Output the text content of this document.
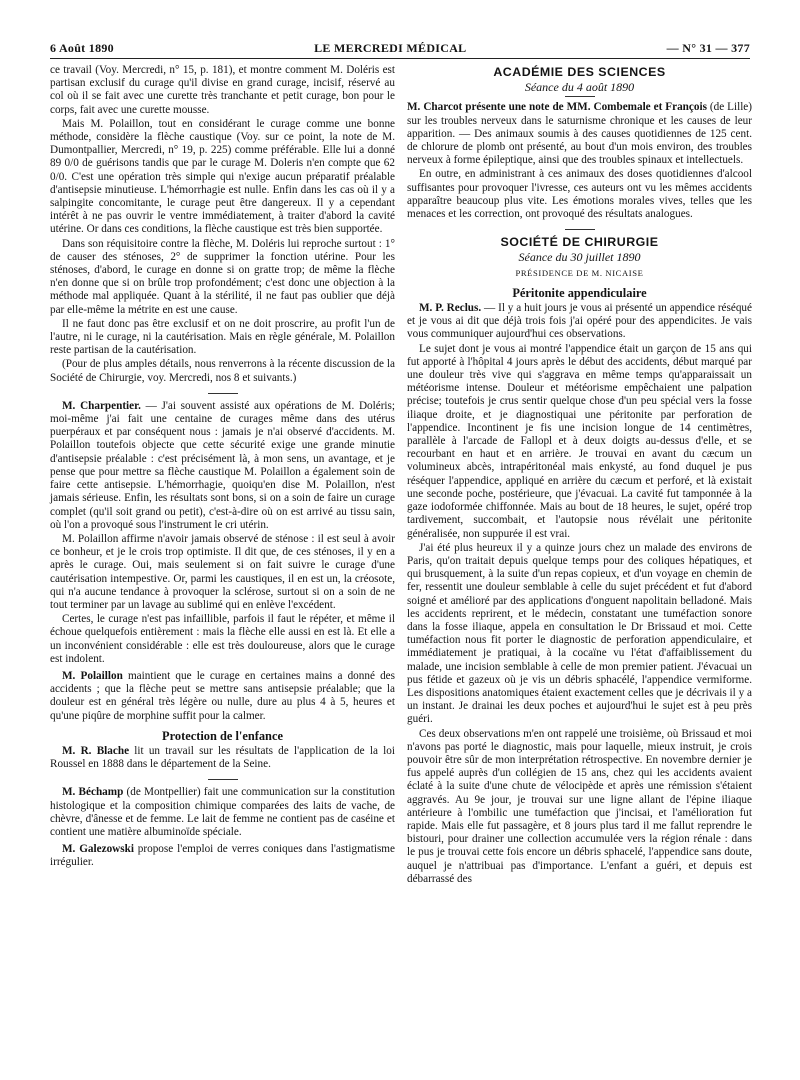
6 Août 1890	LE MERCREDI MÉDICAL	— N° 31 — 377

ce travail (Voy. Mercredi, n° 15, p. 181), et montre comment M. Doléris est partisan exclusif du curage qu'il divise en grand curage, incisif, réservé au col où il se fait avec une curette très tranchante et petit curage, bon pour le corps, fait avec une curette mousse.

Mais M. Polaillon, tout en considérant le curage comme une bonne méthode, considère la flèche caustique (Voy. sur ce point, la note de M. Dumontpallier, Mercredi, n° 19, p. 225) comme préférable. Elle lui a donné 89 0/0 de guérisons tandis que par le curage M. Doleris n'en compte que 62 0/0. C'est une opération très simple qui n'exige aucun préparatif préalable d'antisepsie minutieuse. L'hémorrhagie est nulle. Enfin dans les cas où il y a salpingite concomitante, le curage peut être dangereux. Il y a cependant intérêt à ne pas ouvrir le ventre immédiatement, à traiter d'abord la cavité utérine. Or dans ces conditions, la flèche caustique est très bien supportée.

Dans son réquisitoire contre la flèche, M. Doléris lui reproche surtout : 1° de causer des sténoses, 2° de supprimer la fonction utérine. Pour les sténoses, d'abord, le curage en donne si on gratte trop; de même la flèche n'en donne que si on brûle trop profondément; c'est donc une objection à la méthode mal appliquée. Quant à la stérilité, il ne faut pas oublier que déjà par elle-même la métrite en est une cause.

Il ne faut donc pas être exclusif et on ne doit proscrire, au profit l'un de l'autre, ni le curage, ni la cautérisation. Mais en règle générale, M. Polaillon reste partisan de la cautérisation.

(Pour de plus amples détails, nous renverrons à la récente discussion de la Société de Chirurgie, voy. Mercredi, nos 8 et suivants.)

M. Charpentier. — J'ai souvent assisté aux opérations de M. Doléris; moi-même j'ai fait une centaine de curages même dans des utérus puerpéraux et par conséquent nous : jamais je n'ai observé d'accidents. M. Polaillon toutefois objecte que cette sécurité exige une grande minutie d'antisepsie préalable : c'est précisément là, à mon sens, un avantage, et je pense que pour mettre sa flèche caustique M. Polaillon a également soin de faire cette antisepsie. L'hémorrhagie, quoiqu'en dise M. Polaillon, n'est jamais sérieuse. Enfin, les résultats sont bons, si on a soin de faire un curage complet (qu'il soit grand ou petit), c'est-à-dire où on est arrivé au tissu sain, où l'on a provoqué sous l'instrument le cri utérin.

M. Polaillon affirme n'avoir jamais observé de sténose : il est seul à avoir ce bonheur, et je le crois trop optimiste. Il dit que, de ces sténoses, il y en a après le curage. Oui, mais seulement si on fait suivre le curage d'une cautérisation intempestive. Or, parmi les caustiques, il en est un, la créosote, qui n'a aucune tendance à provoquer la sclérose, surtout si on a soin de ne tout terminer par un lavage au sublimé qui en enlève l'excédent.

Certes, le curage n'est pas infaillible, parfois il faut le répéter, et même il échoue quelquefois entièrement : mais la flèche elle aussi en est là. Et elle a un inconvénient considérable : elle est très douloureuse, alors que le curage est indolent.

M. Polaillon maintient que le curage en certaines mains a donné des accidents ; que la flèche peut se mettre sans antisepsie préalable; que la douleur est en général très légère ou nulle, dure au plus 4 à 5, heures et qu'une piqûre de morphine suffit pour la calmer.

Protection de l'enfance

M. R. Blache lit un travail sur les résultats de l'application de la loi Roussel en 1888 dans le département de la Seine.

M. Béchamp (de Montpellier) fait une communication sur la constitution histologique et la composition chimique comparées des laits de vache, de chèvre, d'ânesse et de femme. Le lait de femme ne contient pas de caséine et contient une matière albuminoïde spéciale.

M. Galezowski propose l'emploi de verres coniques dans l'astigmatisme irrégulier.

ACADÉMIE DES SCIENCES
Séance du 4 août 1890

M. Charcot présente une note de MM. Combemale et François (de Lille) sur les troubles nerveux dans le saturnisme chronique et les causes de leur apparition. — Des animaux soumis à des causes quotidiennes de 125 cent. de chlorure de plomb ont présenté, au bout d'un mois environ, des troubles nerveux à forme épileptique, ainsi que des troubles spinaux et intellectuels.

En outre, en administrant à ces animaux des doses quotidiennes d'alcool suffisantes pour provoquer l'ivresse, ces auteurs ont vu les mêmes accidents apparaître beaucoup plus vite. Les émotions morales vives, telles que les menaces et les correction, ont provoqué des résultats analogues.

SOCIÉTÉ DE CHIRURGIE
Séance du 30 juillet 1890
PRÉSIDENCE DE M. NICAISE
Péritonite appendiculaire

M. P. Reclus. — Il y a huit jours je vous ai présenté un appendice réséqué et je vous ai dit que déjà trois fois j'ai opéré pour des appendicites. Je vais vous communiquer aujourd'hui ces observations.

Le sujet dont je vous ai montré l'appendice était un garçon de 15 ans qui fut apporté à l'hôpital 4 jours après le début des accidents, début marqué par une douleur très vive qui s'aggrava en même temps qu'apparaissait un météorisme intense. Douleur et météorisme empêchaient une palpation précise; toutefois je crus sentir quelque chose d'un peu spécial vers la fosse iliaque droite, et je diagnostiquai une péritonite par perforation de l'appendice. Incontinent je fis une incision longue de 14 centimètres, parallèle à l'arcade de Fallopl et à deux doigts au-dessus d'elle, et se recourbant en haut et en arrière. Je trouvai en avant du cæcum un volumineux abcès, intrapéritonéal mais enkysté, au fond duquel je pus réséquer l'appendice, appliqué en arrière du cæcum et perforé, et là existait une seconde poche, postérieure, que j'évacuai. La cavité fut tamponnée à la gaze iodoformée chiffonnée. Mais au bout de 18 heures, le sujet, opéré trop tardivement, succombait, et l'autopsie nous révélait une péritonite généralisée, non suppurée il est vrai.

J'ai été plus heureux il y a quinze jours chez un malade des environs de Paris, qu'on traitait depuis quelque temps pour des coliques hépatiques, et qui brusquement, à la suite d'un repas copieux, et d'un voyage en chemin de fer, ressentit une douleur semblable à celle du sujet précédent et fut d'abord soigné et amélioré par des applications d'onguent napolitain belladoné. Mais les accidents reprirent, et le médecin, constatant une tuméfaction sonore dans la fosse iliaque, appela en consultation le Dr Brissaud et moi. Cette tuméfaction nous fit porter le diagnostic de perforation appendiculaire, et immédiatement je pratiquai, à la cocaïne vu l'état d'affaiblissement du malade, une incision semblable à celle de mon premier patient. J'évacuai un pus fétide et gazeux où je vis un débris sphacélé, l'appendice vermiforme. Les dispositions anatomiques étaient exactement celles que je décrivais il y a un instant. Je drainai les deux poches et aujourd'hui le sujet est à peu près guéri.

Ces deux observations m'en ont rappelé une troisième, où Brissaud et moi n'avons pas porté le diagnostic, mais pour laquelle, mieux instruit, je crois pouvoir être sûr de mon interprétation rétrospective. En novembre dernier je fus appelé auprès d'un collégien de 15 ans, chez qui les accidents avaient éclaté à la suite d'une chute de vélocipède et après une rémission s'étaient aggravés. Au 9e jour, je trouvai sur une ligne allant de l'épine iliaque antérieure à l'ombilic une tuméfaction que j'incisai, et l'amélioration fut rapide. Mais elle fut passagère, et 8 jours plus tard il me fallut reprendre le bistouri, pour drainer une collection accumulée vers la région rénale : dans le pus je trouvai cette fois encore un débris sphacelé, l'appendice sans doute, auquel je n'attribuai pas d'importance. L'enfant a guéri, et depuis est débarrassé des
